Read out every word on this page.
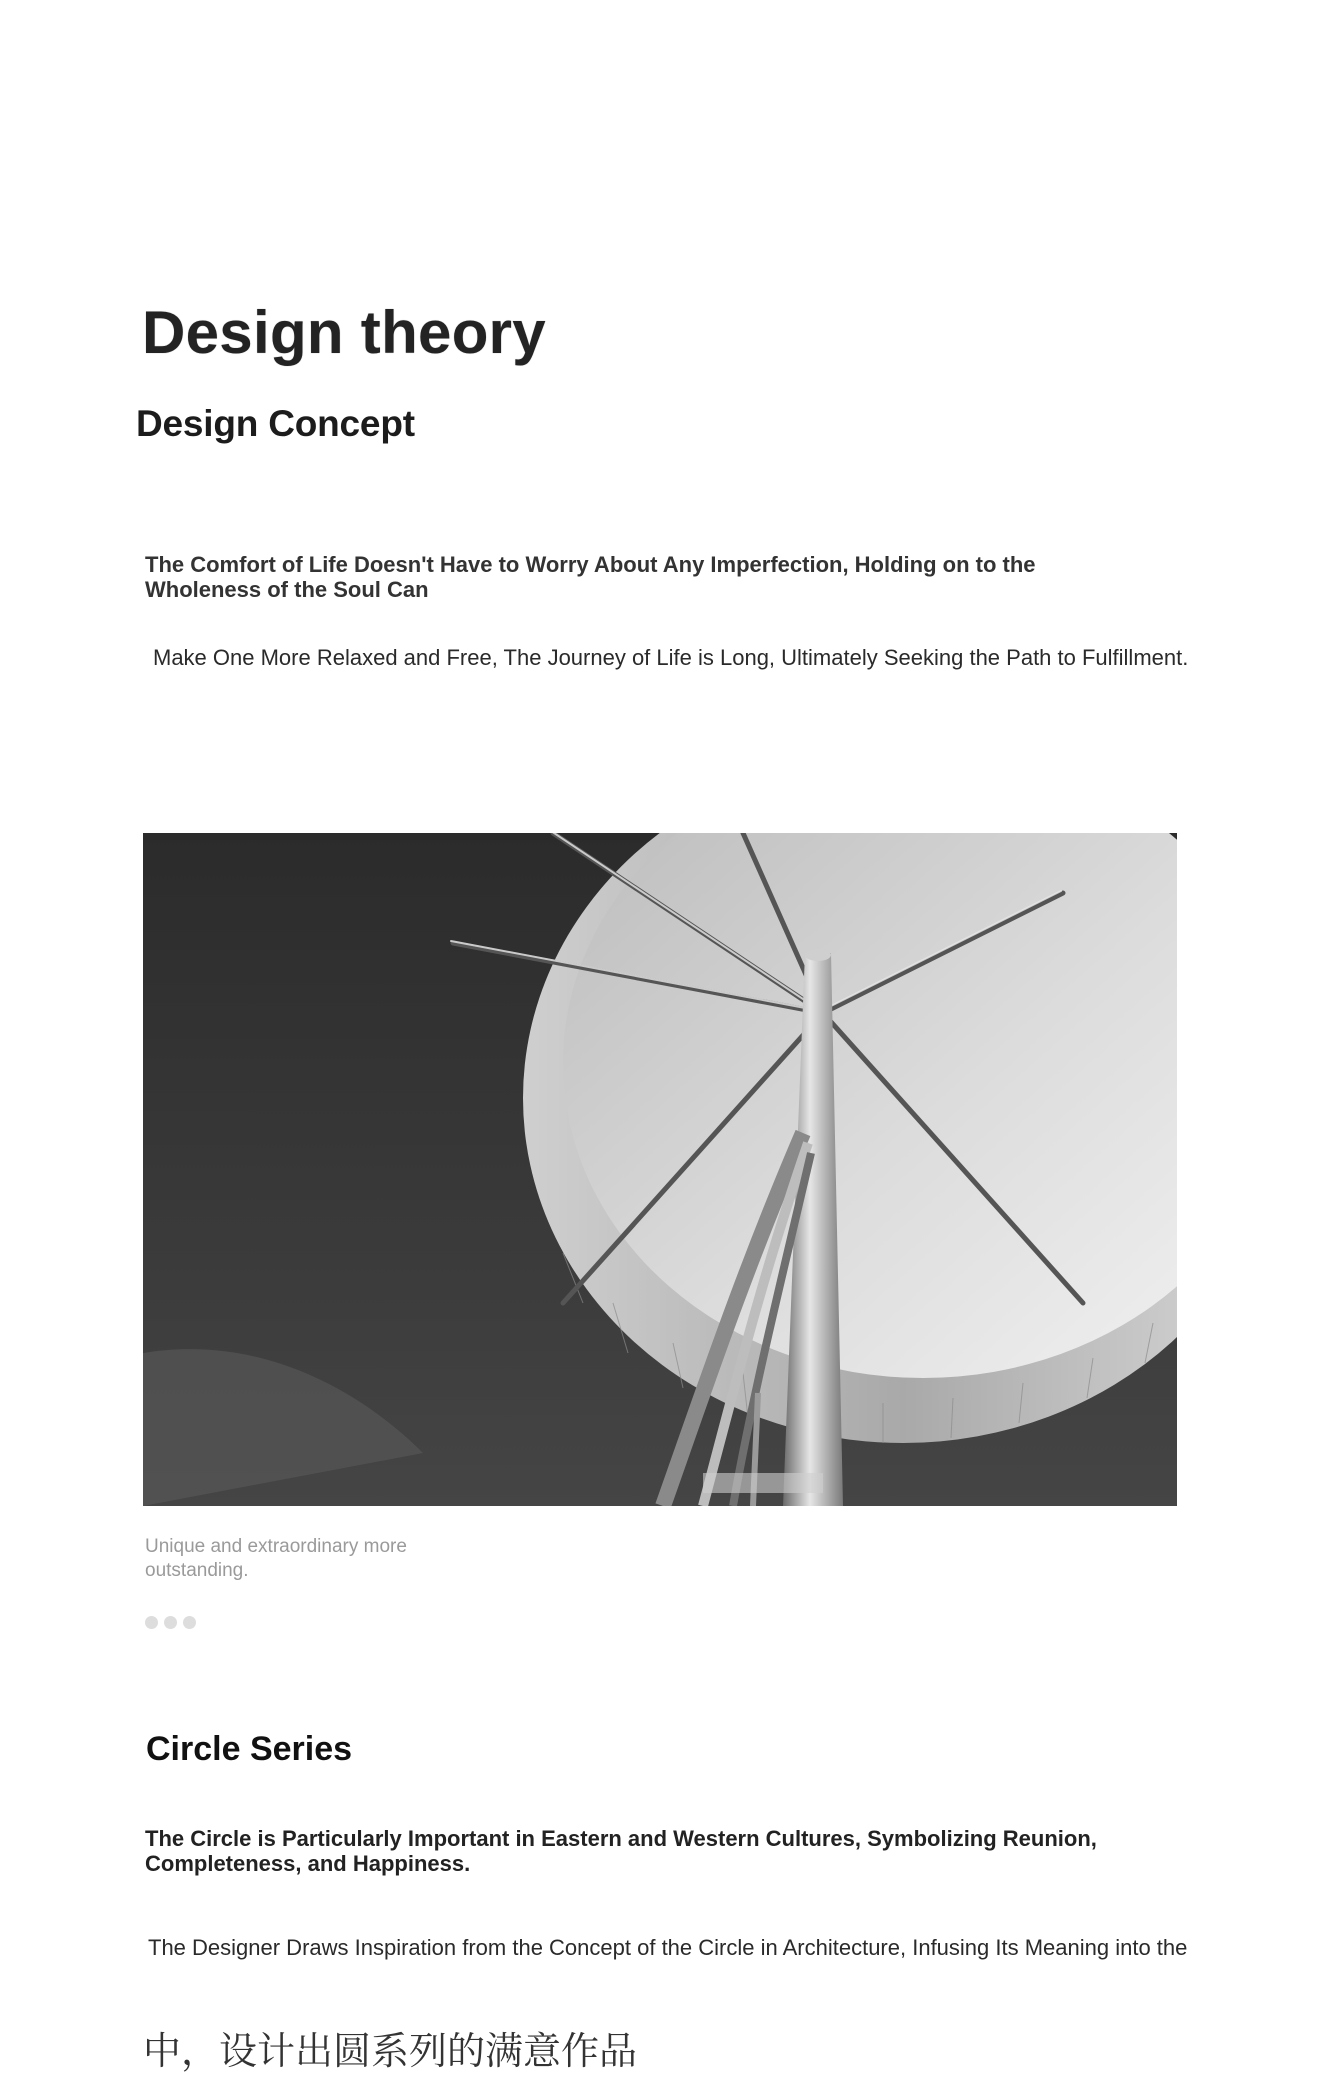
Design theory
Design Concept
The Comfort of Life Doesn't Have to Worry About Any Imperfection, Holding on to the Wholeness of the Soul Can
Make One More Relaxed and Free, The Journey of Life is Long, Ultimately Seeking the Path to Fulfillment.
Unique and extraordinary more outstanding.
Circle Series
The Circle is Particularly Important in Eastern and Western Cultures, Symbolizing Reunion, Completeness, and Happiness.
The Designer Draws Inspiration from the Concept of the Circle in Architecture, Infusing Its Meaning into the
中，设计出圆系列的满意作品
